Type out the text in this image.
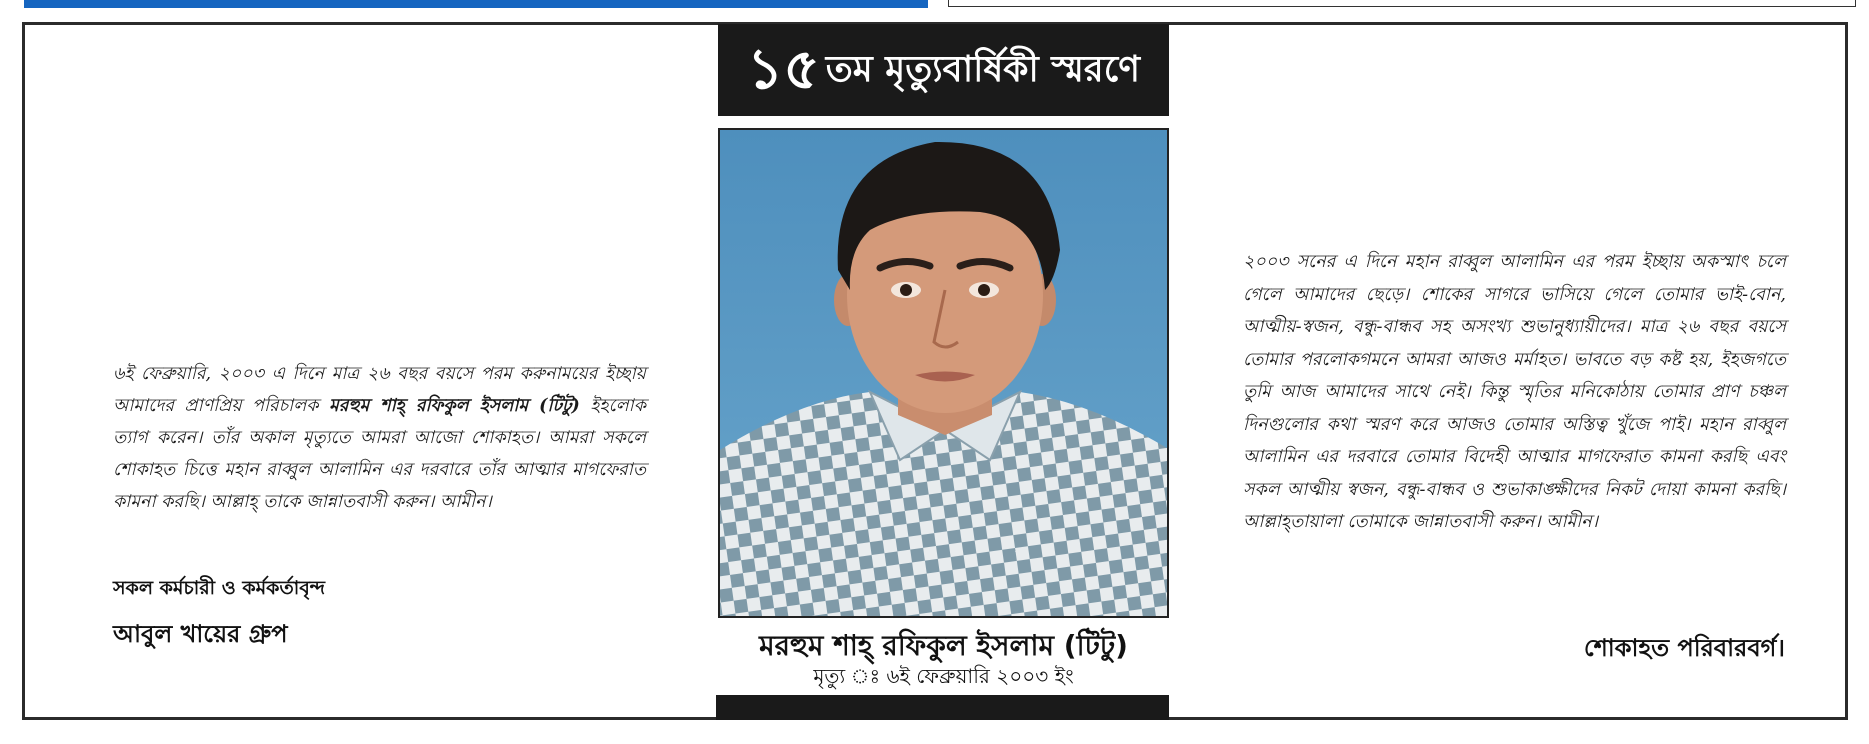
১৫ তম মৃত্যুবার্ষিকী স্মরণে
মরহুম শাহ্ রফিকুল ইসলাম (টিটু)
মৃত্যু ঃ ৬ই ফেব্রুয়ারি ২০০৩ ইং
৬ই ফেব্রুয়ারি, ২০০৩ এ দিনে মাত্র ২৬ বছর বয়সে পরম করুনাময়ের ইচ্ছায় আমাদের প্রাণপ্রিয় পরিচালক মরহুম শাহ্ রফিকুল ইসলাম (টিটু) ইহলোক ত্যাগ করেন। তাঁর অকাল মৃত্যুতে আমরা আজো শোকাহত। আমরা সকলে শোকাহত চিত্তে মহান রাব্বুল আলামিন এর দরবারে তাঁর আত্মার মাগফেরাত কামনা করছি। আল্লাহ্ তাকে জান্নাতবাসী করুন। আমীন।
সকল কর্মচারী ও কর্মকর্তাবৃন্দ
আবুল খায়ের গ্রুপ
২০০৩ সনের এ দিনে মহান রাব্বুল আলামিন এর পরম ইচ্ছায় অকস্মাৎ চলে গেলে আমাদের ছেড়ে। শোকের সাগরে ভাসিয়ে গেলে তোমার ভাই-বোন, আত্মীয়-স্বজন, বন্ধু-বান্ধব সহ অসংখ্য শুভানুধ্যায়ীদের। মাত্র ২৬ বছর বয়সে তোমার পরলোকগমনে আমরা আজও মর্মাহত। ভাবতে বড় কষ্ট হয়, ইহজগতে তুমি আজ আমাদের সাথে নেই। কিন্তু স্মৃতির মনিকোঠায় তোমার প্রাণ চঞ্চল দিনগুলোর কথা স্মরণ করে আজও তোমার অস্তিত্ব খুঁজে পাই। মহান রাব্বুল আলামিন এর দরবারে তোমার বিদেহী আত্মার মাগফেরাত কামনা করছি এবং সকল আত্মীয় স্বজন, বন্ধু-বান্ধব ও শুভাকাঙ্ক্ষীদের নিকট দোয়া কামনা করছি। আল্লাহ্তায়ালা তোমাকে জান্নাতবাসী করুন। আমীন।
শোকাহত পরিবারবর্গ।
